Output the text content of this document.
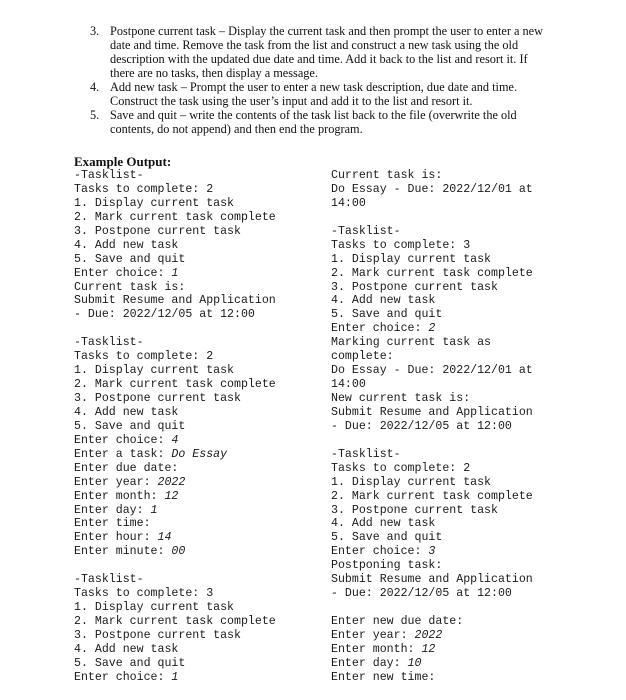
3. Postpone current task – Display the current task and then prompt the user to enter a new
date and time. Remove the task from the list and construct a new task using the old
description with the updated due date and time. Add it back to the list and resort it. If
there are no tasks, then display a message.
4. Add new task – Prompt the user to enter a new task description, due date and time.
Construct the task using the user’s input and add it to the list and resort it.
5. Save and quit – write the contents of the task list back to the file (overwrite the old
contents, do not append) and then end the program.
Example Output:
-Tasklist-
Tasks to complete: 2
1. Display current task
2. Mark current task complete
3. Postpone current task
4. Add new task
5. Save and quit
Enter choice: 1
Current task is:
Submit Resume and Application
- Due: 2022/12/05 at 12:00
-Tasklist-
Tasks to complete: 2
1. Display current task
2. Mark current task complete
3. Postpone current task
4. Add new task
5. Save and quit
Enter choice: 4
Enter a task: Do Essay
Enter due date:
Enter year: 2022
Enter month: 12
Enter day: 1
Enter time:
Enter hour: 14
Enter minute: 00
-Tasklist-
Tasks to complete: 3
1. Display current task
2. Mark current task complete
3. Postpone current task
4. Add new task
5. Save and quit
Enter choice: 1
Current task is:
Do Essay - Due: 2022/12/01 at
14:00
-Tasklist-
Tasks to complete: 3
1. Display current task
2. Mark current task complete
3. Postpone current task
4. Add new task
5. Save and quit
Enter choice: 2
Marking current task as
complete:
Do Essay - Due: 2022/12/01 at
14:00
New current task is:
Submit Resume and Application
- Due: 2022/12/05 at 12:00
-Tasklist-
Tasks to complete: 2
1. Display current task
2. Mark current task complete
3. Postpone current task
4. Add new task
5. Save and quit
Enter choice: 3
Postponing task:
Submit Resume and Application
- Due: 2022/12/05 at 12:00
Enter new due date:
Enter year: 2022
Enter month: 12
Enter day: 10
Enter new time:
